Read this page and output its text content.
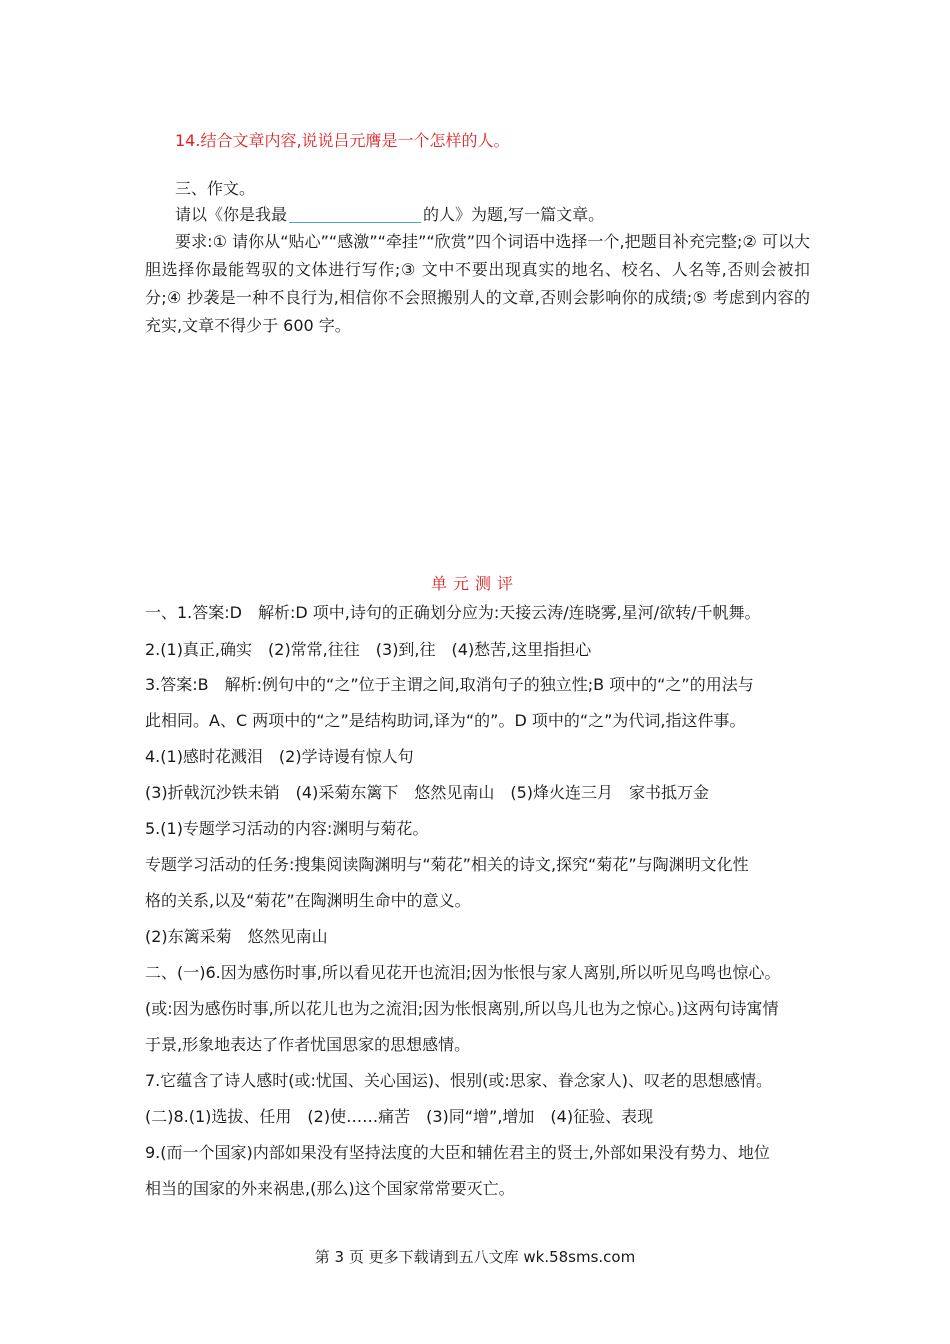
14.结合文章内容,说说吕元膺是一个怎样的人。
三、作文。
请以《你是我最	的人》为题,写一篇文章。
要求:① 请你从“贴心”“感激”“牵挂”“欣赏”四个词语中选择一个,把题目补充完整;② 可以大胆选择你最能驾驭的文体进行写作;③ 文中不要出现真实的地名、校名、人名等,否则会被扣分;④ 抄袭是一种不良行为,相信你不会照搬别人的文章,否则会影响你的成绩;⑤ 考虑到内容的充实,文章不得少于 600 字。
单元测评
一、1.答案:D　解析:D 项中,诗句的正确划分应为:天接云涛/连晓雾,星河/欲转/千帆舞。
2.(1)真正,确实　(2)常常,往往　(3)到,往　(4)愁苦,这里指担心
3.答案:B　解析:例句中的“之”位于主谓之间,取消句子的独立性;B 项中的“之”的用法与
此相同。A、C 两项中的“之”是结构助词,译为“的”。D 项中的“之”为代词,指这件事。
4.(1)感时花溅泪　(2)学诗谩有惊人句
(3)折戟沉沙铁未销　(4)采菊东篱下　悠然见南山　(5)烽火连三月　家书抵万金
5.(1)专题学习活动的内容:渊明与菊花。
专题学习活动的任务:搜集阅读陶渊明与“菊花”相关的诗文,探究“菊花”与陶渊明文化性
格的关系,以及“菊花”在陶渊明生命中的意义。
(2)东篱采菊　悠然见南山
二、(一)6.因为感伤时事,所以看见花开也流泪;因为怅恨与家人离别,所以听见鸟鸣也惊心。
(或:因为感伤时事,所以花儿也为之流泪;因为怅恨离别,所以鸟儿也为之惊心。)这两句诗寓情
于景,形象地表达了作者忧国思家的思想感情。
7.它蕴含了诗人感时(或:忧国、关心国运)、恨别(或:思家、眷念家人)、叹老的思想感情。
(二)8.(1)选拔、任用　(2)使……痛苦　(3)同“增”,增加　(4)征验、表现
9.(而一个国家)内部如果没有坚持法度的大臣和辅佐君主的贤士,外部如果没有势力、地位
相当的国家的外来祸患,(那么)这个国家常常要灭亡。
第 3 页 更多下载请到五八文库 wk.58sms.com
